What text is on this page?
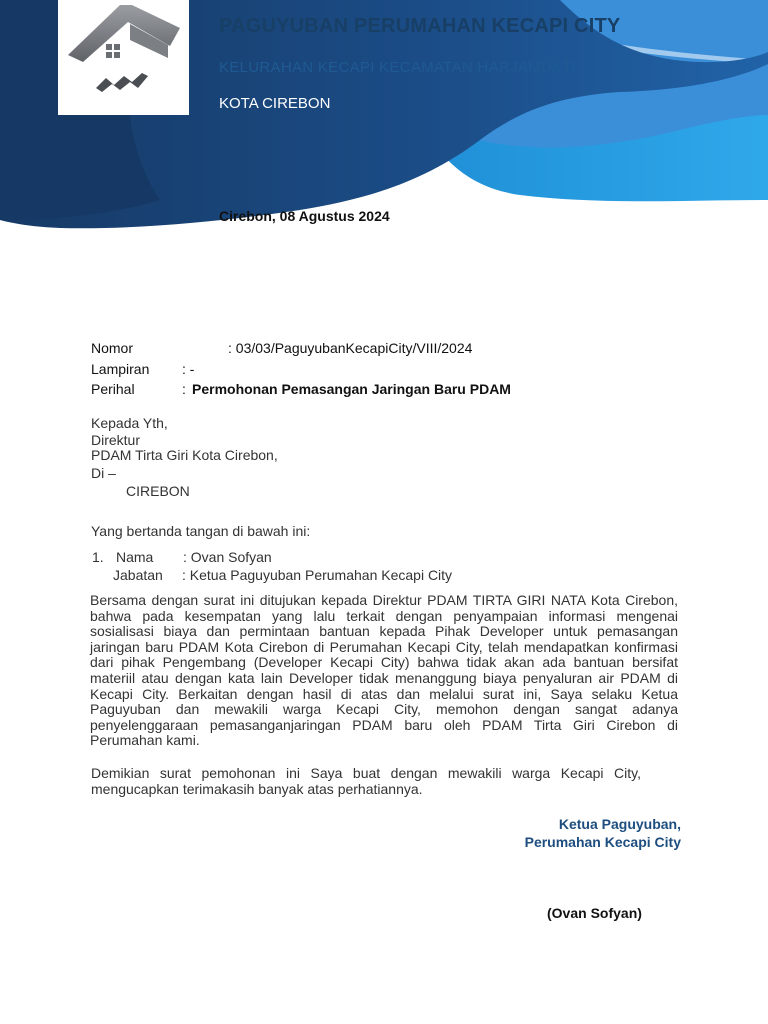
PAGUYUBAN PERUMAHAN KECAPI CITY
KELURAHAN KECAPI KECAMATAN HARJAMUKTI
KOTA CIREBON
Cirebon, 08 Agustus 2024
Nomor	: 03/03/PaguyubanKecapiCity/VIII/2024
Lampiran : -
Perihal	: Permohonan Pemasangan Jaringan Baru PDAM
Kepada Yth,
Direktur
PDAM Tirta Giri Kota Cirebon,
Di –
CIREBON
Yang bertanda tangan di bawah ini:
1. Nama : Ovan Sofyan
Jabatan : Ketua Paguyuban Perumahan Kecapi City
Bersama dengan surat ini ditujukan kepada Direktur PDAM TIRTA GIRI NATA Kota Cirebon, bahwa pada kesempatan yang lalu terkait dengan penyampaian informasi mengenai sosialisasi biaya dan permintaan bantuan kepada Pihak Developer untuk pemasangan jaringan baru PDAM Kota Cirebon di Perumahan Kecapi City, telah mendapatkan konfirmasi dari pihak Pengembang (Developer Kecapi City) bahwa tidak akan ada bantuan bersifat materiil atau dengan kata lain Developer tidak menanggung biaya penyaluran air PDAM di Kecapi City. Berkaitan dengan hasil di atas dan melalui surat ini, Saya selaku Ketua Paguyuban dan mewakili warga Kecapi City, memohon dengan sangat adanya penyelenggaraan pemasanganjaringan PDAM baru oleh PDAM Tirta Giri Cirebon di Perumahan kami.
Demikian surat pemohonan ini Saya buat dengan mewakili warga Kecapi City, mengucapkan terimakasih banyak atas perhatiannya.
Ketua Paguyuban,
Perumahan Kecapi City
(Ovan Sofyan)
